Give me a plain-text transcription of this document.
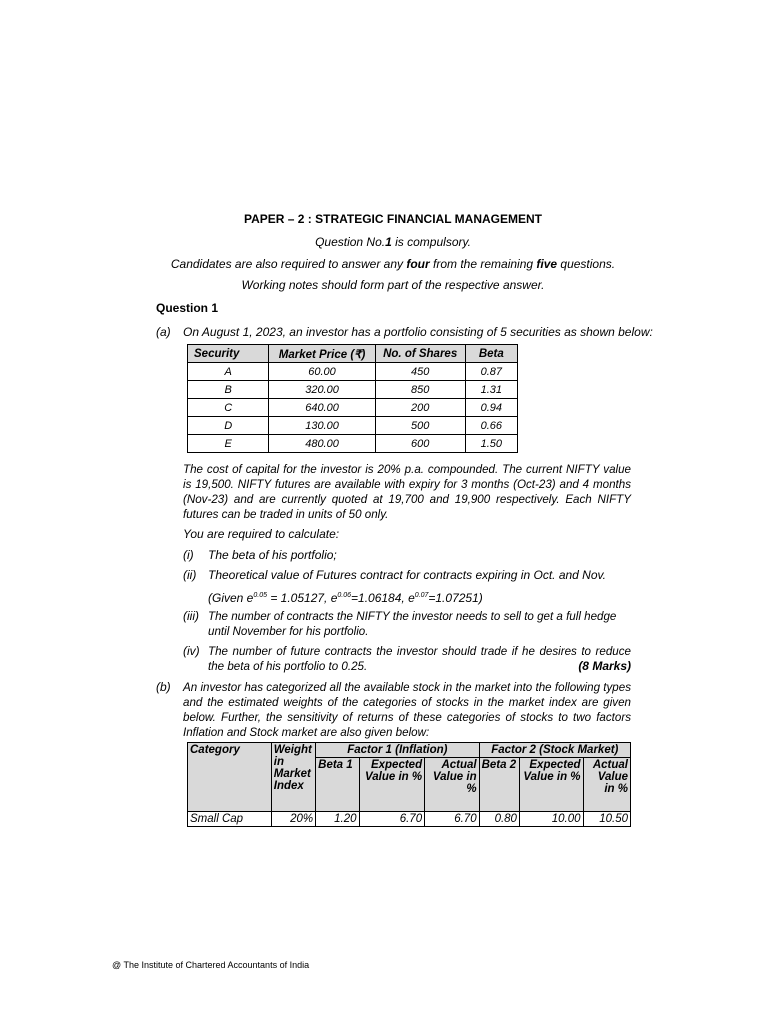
PAPER – 2 : STRATEGIC FINANCIAL MANAGEMENT
Question No.1 is compulsory.
Candidates are also required to answer any four from the remaining five questions.
Working notes should form part of the respective answer.
Question 1
(a) On August 1, 2023, an investor has a portfolio consisting of 5 securities as shown below:
Security	Market Price (₹)	No. of Shares	Beta
A	60.00	450	0.87
B	320.00	850	1.31
C	640.00	200	0.94
D	130.00	500	0.66
E	480.00	600	1.50

The cost of capital for the investor is 20% p.a. compounded. The current NIFTY value is 19,500. NIFTY futures are available with expiry for 3 months (Oct-23) and 4 months (Nov-23) and are currently quoted at 19,700 and 19,900 respectively. Each NIFTY futures can be traded in units of 50 only.

You are required to calculate:
(i) The beta of his portfolio;
(ii) Theoretical value of Futures contract for contracts expiring in Oct. and Nov.
(Given $e^{0.05} = 1.05127$, $e^{0.06}=1.06184$, $e^{0.07}=1.07251$)
(iii) The number of contracts the NIFTY the investor needs to sell to get a full hedge until November for his portfolio.

(iv) The number of future contracts the investor should trade if he desires to reduce the beta of his portfolio to 0.25.	(8 Marks)
(b) An investor has categorized all the available stock in the market into the following types and the estimated weights of the categories of stocks in the market index are given below. Further, the sensitivity of returns of these categories of stocks to two factors Inflation and Stock market are also given below:

Category	Weight in Market Index	Factor 1 (Inflation)			Factor 2 (Stock Market)		
		Beta 1	Expected Value in %	Actual Value in %	Beta 2	Expected Value in %	Actual Value in %
Small Cap	20%	1.20	6.70	6.70	0.80	10.00	10.50
@ The Institute of Chartered Accountants of India
